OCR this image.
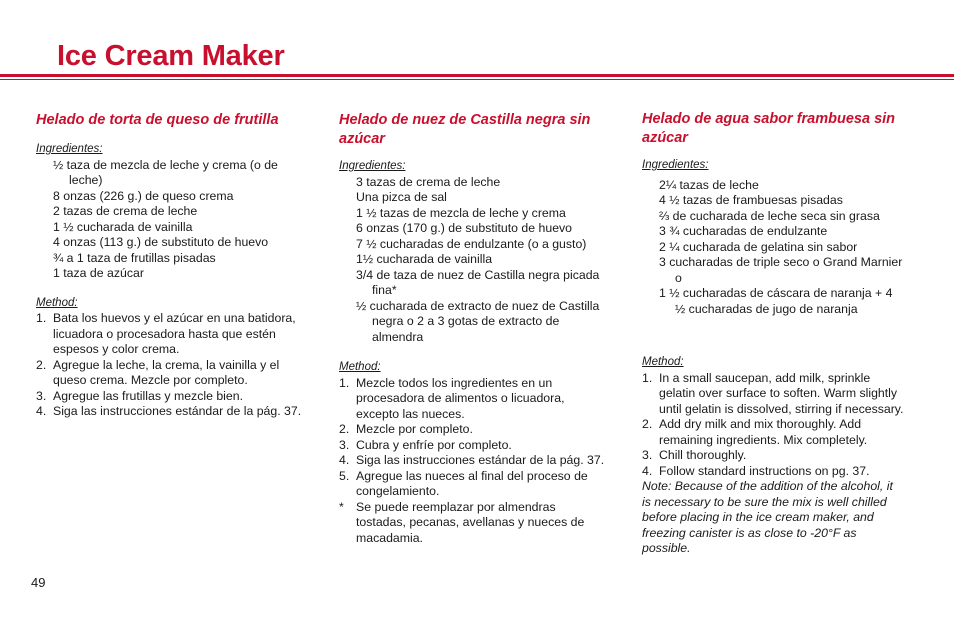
Ice Cream Maker
Helado de torta de queso de frutilla
Ingredientes:
½ taza de mezcla de leche y crema (o de leche)
8 onzas (226 g.) de queso crema
2 tazas de crema de leche
1 ½ cucharada de vainilla
4 onzas (113 g.) de substituto de huevo
¾ a 1 taza de frutillas pisadas
1 taza de azúcar
Method:
1. Bata los huevos y el azúcar en una batidora, licuadora o procesadora hasta que estén espesos y color crema.
2. Agregue la leche, la crema, la vainilla y el queso crema. Mezcle por completo.
3. Agregue las frutillas y mezcle bien.
4. Siga las instrucciones estándar de la pág. 37.
Helado de nuez de Castilla negra sin azúcar
Ingredientes:
3 tazas de crema de leche
Una pizca de sal
1 ½ tazas de mezcla de leche y crema
6 onzas (170 g.) de substituto de huevo
7 ½ cucharadas de endulzante (o a gusto)
1½ cucharada de vainilla
3/4 de taza de nuez de Castilla negra picada fina*
½ cucharada de extracto de nuez de Castilla negra o 2 a 3 gotas de extracto de almendra
Method:
1. Mezcle todos los ingredientes en un procesadora de alimentos o licuadora, excepto las nueces.
2. Mezcle por completo.
3. Cubra y enfríe por completo.
4. Siga las instrucciones estándar de la pág. 37.
5. Agregue las nueces al final del proceso de congelamiento.
* Se puede reemplazar por almendras tostadas, pecanas, avellanas y nueces de macadamia.
Helado de agua sabor frambuesa sin azúcar
Ingredientes:
2¼ tazas de leche
4 ½ tazas de frambuesas pisadas
⅔ de cucharada de leche seca sin grasa
3 ¾ cucharadas de endulzante
2 ¼ cucharada de gelatina sin sabor
3 cucharadas de triple seco o Grand Marnier o
1 ½ cucharadas de cáscara de naranja + 4 ½ cucharadas de jugo de naranja
Method:
1. In a small saucepan, add milk, sprinkle gelatin over surface to soften. Warm slightly until gelatin is dissolved, stirring if necessary.
2. Add dry milk and mix thoroughly. Add remaining ingredients. Mix completely.
3. Chill thoroughly.
4. Follow standard instructions on pg. 37.
Note: Because of the addition of the alcohol, it is necessary to be sure the mix is well chilled before placing in the ice cream maker, and freezing canister is as close to -20°F as possible.
49
